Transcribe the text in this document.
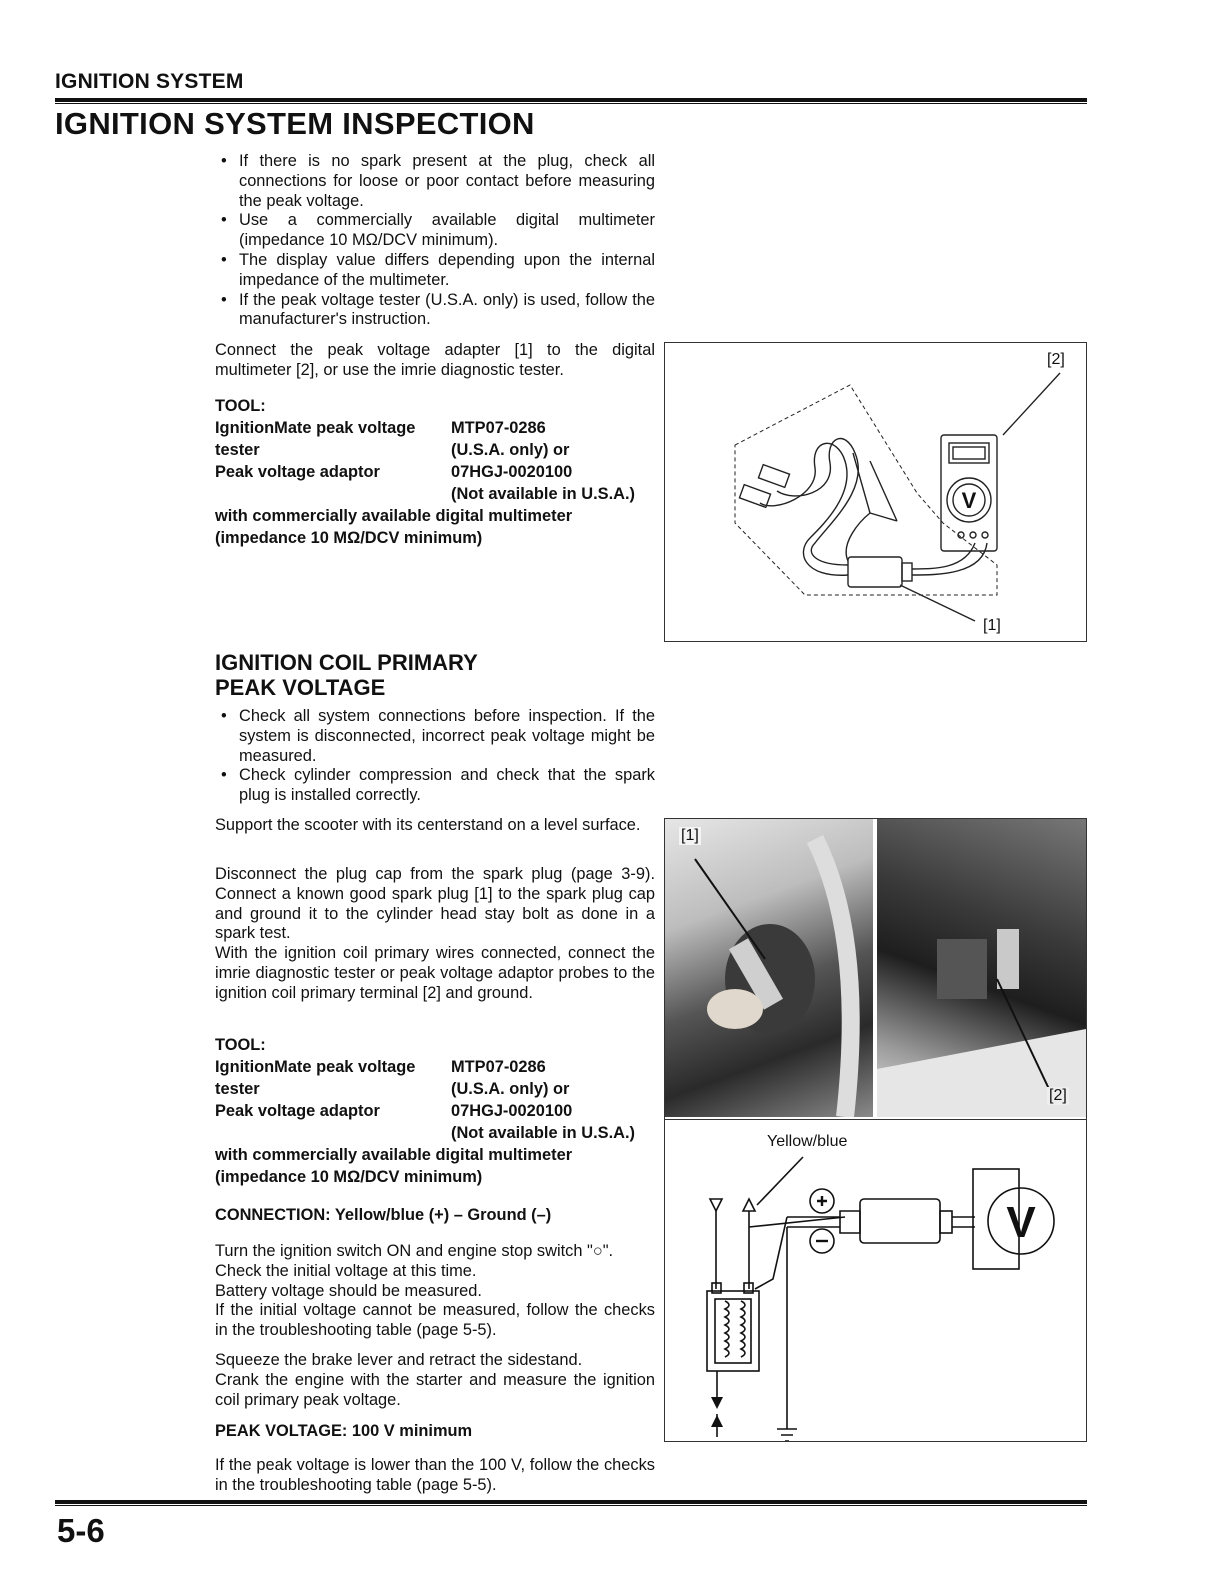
IGNITION SYSTEM
IGNITION SYSTEM INSPECTION
• If there is no spark present at the plug, check all connections for loose or poor contact before measuring the peak voltage.
• Use a commercially available digital multimeter (impedance 10 MΩ/DCV minimum).
• The display value differs depending upon the internal impedance of the multimeter.
• If the peak voltage tester (U.S.A. only) is used, follow the manufacturer's instruction.
Connect the peak voltage adapter [1] to the digital multimeter [2], or use the imrie diagnostic tester.
TOOL:
IgnitionMate peak voltage	MTP07-0286
tester	(U.S.A. only) or
Peak voltage adaptor	07HGJ-0020100
(Not available in U.S.A.)
with commercially available digital multimeter
(impedance 10 MΩ/DCV minimum)
[2]
[1]
V
IGNITION COIL PRIMARY
PEAK VOLTAGE
• Check all system connections before inspection. If the system is disconnected, incorrect peak voltage might be measured.
• Check cylinder compression and check that the spark plug is installed correctly.
Support the scooter with its centerstand on a level surface.
Disconnect the plug cap from the spark plug (page 3-9). Connect a known good spark plug [1] to the spark plug cap and ground it to the cylinder head stay bolt as done in a spark test.
With the ignition coil primary wires connected, connect the imrie diagnostic tester or peak voltage adaptor probes to the ignition coil primary terminal [2] and ground.
TOOL:
IgnitionMate peak voltage	MTP07-0286
tester	(U.S.A. only) or
Peak voltage adaptor	07HGJ-0020100
(Not available in U.S.A.)
with commercially available digital multimeter
(impedance 10 MΩ/DCV minimum)
CONNECTION: Yellow/blue (+) – Ground (–)
Turn the ignition switch ON and engine stop switch "○".
Check the initial voltage at this time.
Battery voltage should be measured.
If the initial voltage cannot be measured, follow the checks in the troubleshooting table (page 5-5).
Squeeze the brake lever and retract the sidestand.
Crank the engine with the starter and measure the ignition coil primary peak voltage.
PEAK VOLTAGE: 100 V minimum
If the peak voltage is lower than the 100 V, follow the checks in the troubleshooting table (page 5-5).
[1]
[2]
Yellow/blue
V
5-6
